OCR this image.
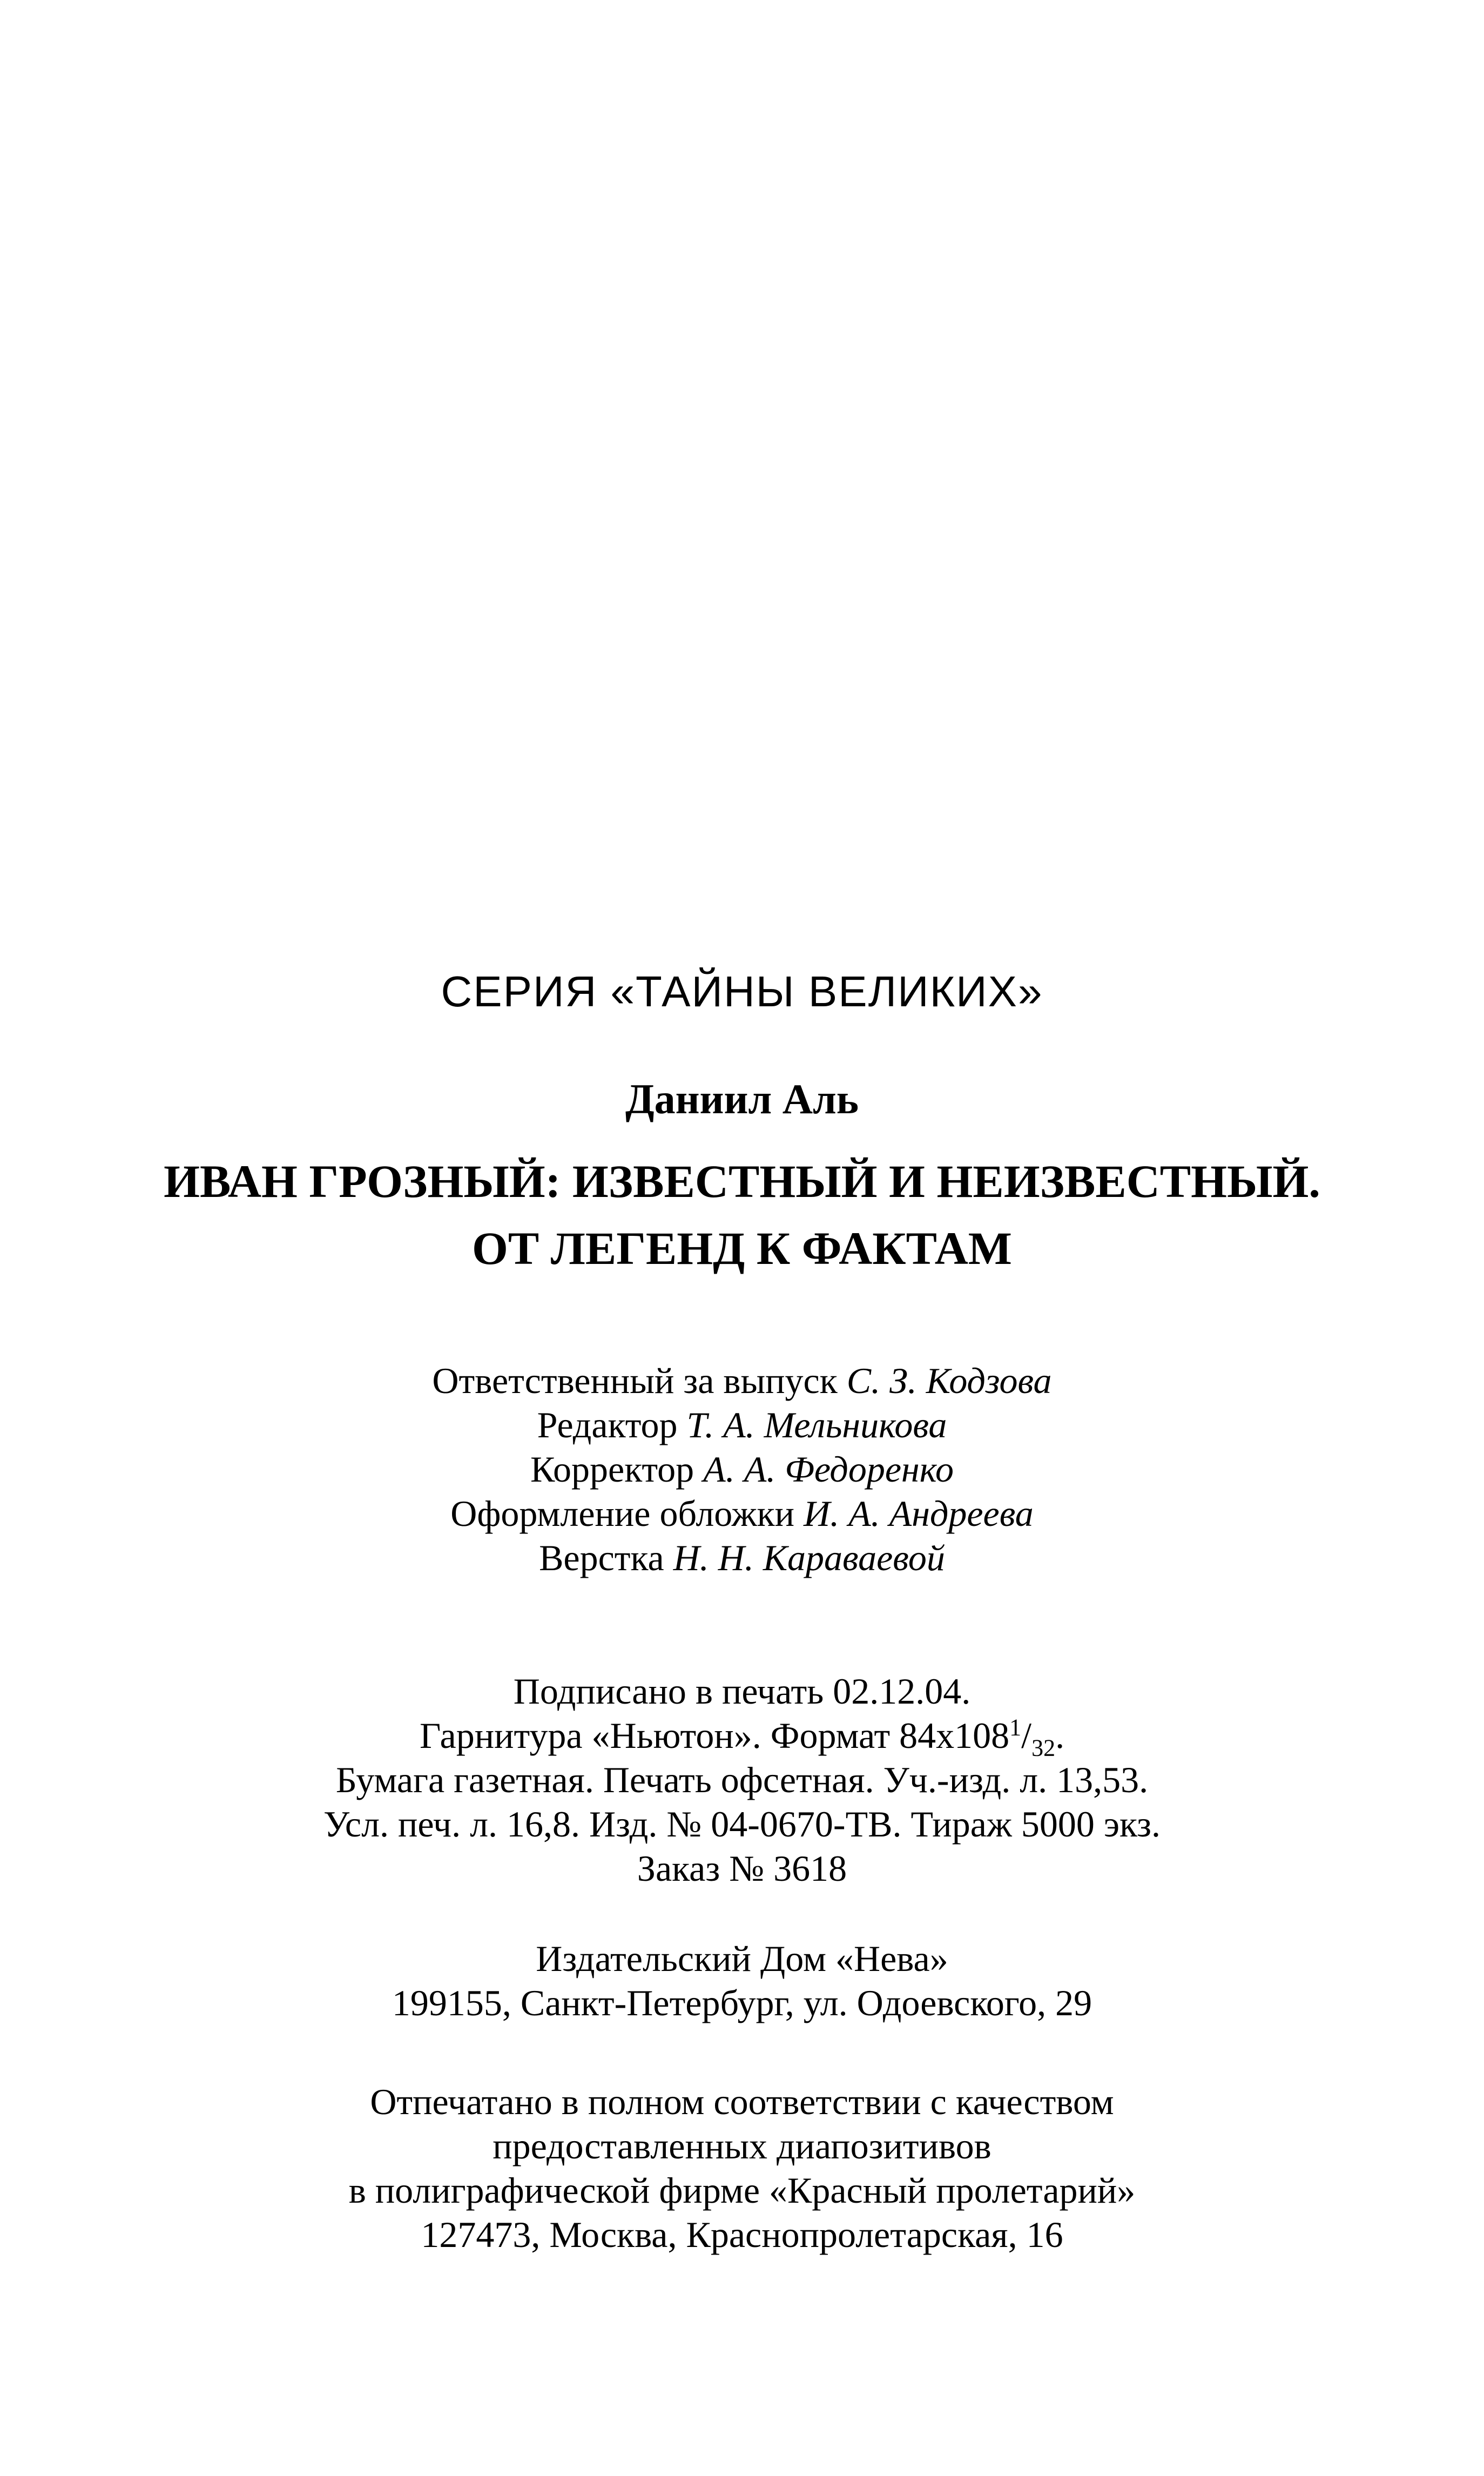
СЕРИЯ «ТАЙНЫ ВЕЛИКИХ»
Даниил Аль
ИВАН ГРОЗНЫЙ: ИЗВЕСТНЫЙ И НЕИЗВЕСТНЫЙ.
ОТ ЛЕГЕНД К ФАКТАМ
Ответственный за выпуск С. З. Кодзова
Редактор Т. А. Мельникова
Корректор А. А. Федоренко
Оформление обложки И. А. Андреева
Верстка Н. Н. Караваевой
Подписано в печать 02.12.04.
Гарнитура «Ньютон». Формат $84x108^1/_{32}$.
Бумага газетная. Печать офсетная. Уч.-изд. л. 13,53.
Усл. печ. л. 16,8. Изд. № 04-0670-ТВ. Тираж 5000 экз.
Заказ № 3618
Издательский Дом «Нева»
199155, Санкт-Петербург, ул. Одоевского, 29
Отпечатано в полном соответствии с качеством
предоставленных диапозитивов
в полиграфической фирме «Красный пролетарий»
127473, Москва, Краснопролетарская, 16
